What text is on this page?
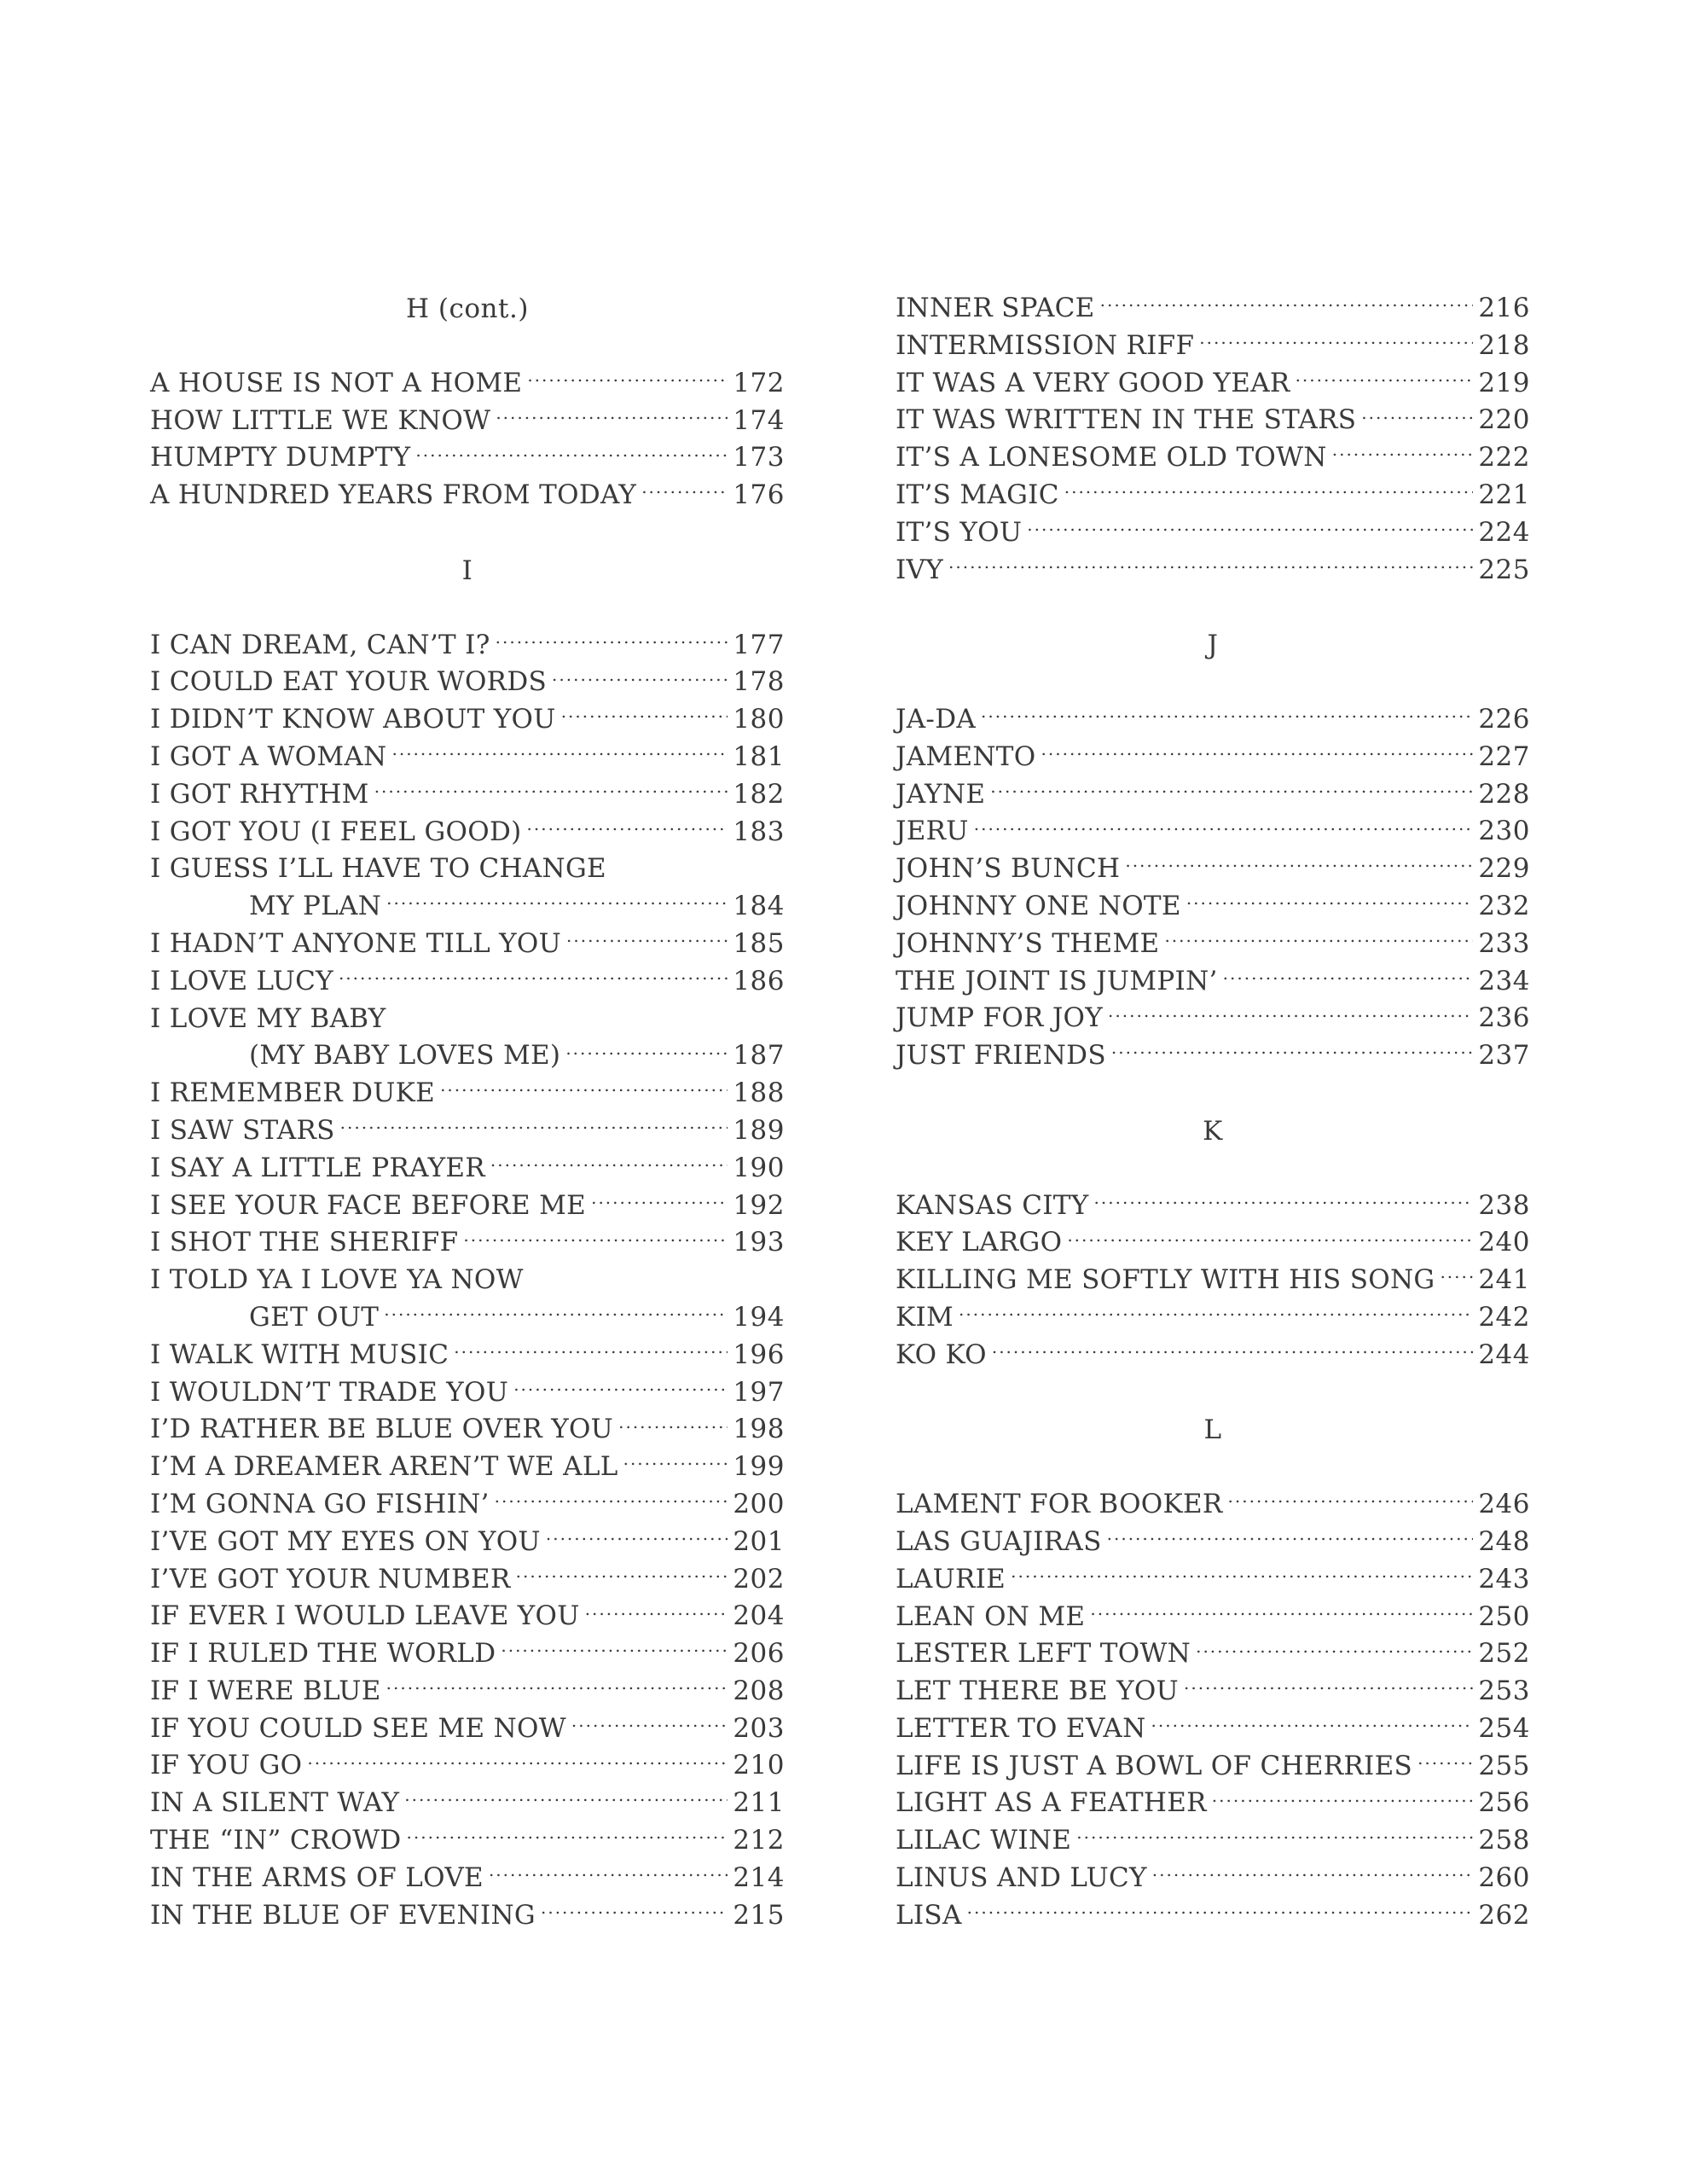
H (cont.)
A HOUSE IS NOT A HOME .....	172
HOW LITTLE WE KNOW .....	174
HUMPTY DUMPTY .....	173
A HUNDRED YEARS FROM TODAY .....	176
I
I CAN DREAM, CAN’T I? .....	177
I COULD EAT YOUR WORDS .....	178
I DIDN’T KNOW ABOUT YOU .....	180
I GOT A WOMAN .....	181
I GOT RHYTHM .....	182
I GOT YOU (I FEEL GOOD) .....	183
I GUESS I’LL HAVE TO CHANGE
MY PLAN .....	184
I HADN’T ANYONE TILL YOU .....	185
I LOVE LUCY .....	186
I LOVE MY BABY
(MY BABY LOVES ME) .....	187
I REMEMBER DUKE .....	188
I SAW STARS .....	189
I SAY A LITTLE PRAYER .....	190
I SEE YOUR FACE BEFORE ME .....	192
I SHOT THE SHERIFF .....	193
I TOLD YA I LOVE YA NOW
GET OUT .....	194
I WALK WITH MUSIC .....	196
I WOULDN’T TRADE YOU .....	197
I’D RATHER BE BLUE OVER YOU .....	198
I’M A DREAMER AREN’T WE ALL .....	199
I’M GONNA GO FISHIN’ .....	200
I’VE GOT MY EYES ON YOU .....	201
I’VE GOT YOUR NUMBER .....	202
IF EVER I WOULD LEAVE YOU .....	204
IF I RULED THE WORLD .....	206
IF I WERE BLUE .....	208
IF YOU COULD SEE ME NOW .....	203
IF YOU GO .....	210
IN A SILENT WAY .....	211
THE “IN” CROWD .....	212
IN THE ARMS OF LOVE .....	214
IN THE BLUE OF EVENING .....	215
INNER SPACE .....	216
INTERMISSION RIFF .....	218
IT WAS A VERY GOOD YEAR .....	219
IT WAS WRITTEN IN THE STARS .....	220
IT’S A LONESOME OLD TOWN .....	222
IT’S MAGIC .....	221
IT’S YOU .....	224
IVY .....	225
J
JA-DA .....	226
JAMENTO .....	227
JAYNE .....	228
JERU .....	230
JOHN’S BUNCH .....	229
JOHNNY ONE NOTE .....	232
JOHNNY’S THEME .....	233
THE JOINT IS JUMPIN’ .....	234
JUMP FOR JOY .....	236
JUST FRIENDS .....	237
K
KANSAS CITY .....	238
KEY LARGO .....	240
KILLING ME SOFTLY WITH HIS SONG ..... 241
KIM .....	242
KO KO .....	244
L
LAMENT FOR BOOKER .....	246
LAS GUAJIRAS .....	248
LAURIE .....	243
LEAN ON ME .....	250
LESTER LEFT TOWN .....	252
LET THERE BE YOU .....	253
LETTER TO EVAN .....	254
LIFE IS JUST A BOWL OF CHERRIES ..... 255
LIGHT AS A FEATHER .....	256
LILAC WINE .....	258
LINUS AND LUCY .....	260
LISA .....	262
